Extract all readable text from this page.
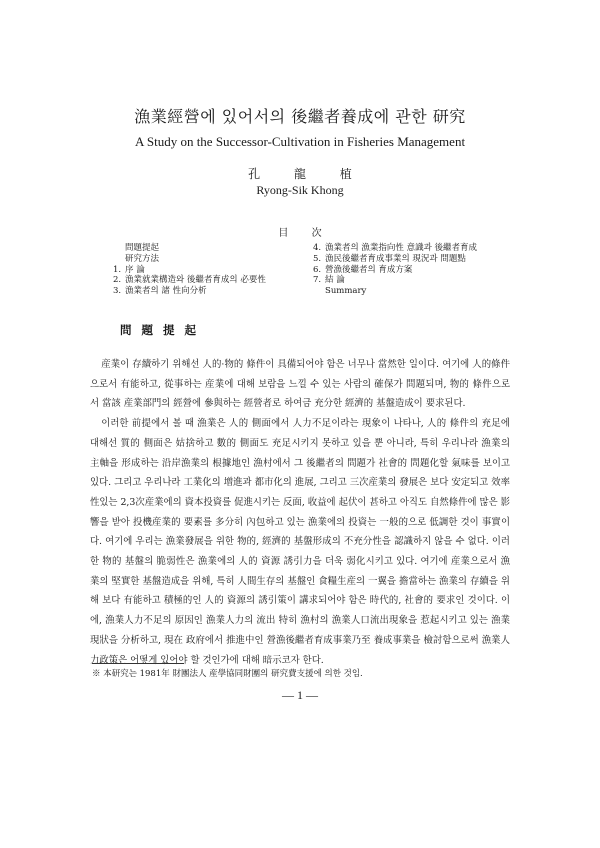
漁業經營에 있어서의 後繼者養成에 관한 研究
A Study on the Successor-Cultivation in Fisheries Management
孔 龍 植
Ryong-Sik Khong
目 次
問題提起
研究方法
1. 序 論
2. 漁業就業構造와 後繼者育成의 必要性
3. 漁業者의 諸 性向分析
4. 漁業者의 漁業指向性 意識과 後繼者育成
5. 漁民後繼者育成事業의 現況과 問題點
6. 營漁後繼者의 育成方案
7. 結 論
Summary
問 題 提 起

産業이 存續하기 위해선 人的·物的 條件이 具備되어야 함은 너무나 當然한 일이다. 여기에 人的條件으로서 有能하고, 從事하는 産業에 대해 보람을 느낄 수 있는 사람의 確保가 問題되며, 物的 條件으로서 當該 産業部門의 經營에 參與하는 經營者로 하여금 充分한 經濟的 基盤造成이 要求된다.

이러한 前提에서 볼 때 漁業은 人的 側面에서 人力不足이라는 現象이 나타나, 人的 條件의 充足에 대해선 質的 側面은 姑捨하고 數的 側面도 充足시키지 못하고 있을 뿐 아니라, 특히 우리나라 漁業의 主軸을 形成하는 沿岸漁業의 根據地인 漁村에서 그 後繼者의 問題가 社會的 問題化할 氣味를 보이고 있다. 그리고 우리나라 工業化의 增進과 都市化의 進展, 그리고 三次産業의 發展은 보다 安定되고 效率性있는 2,3次産業에의 資本投資를 促進시키는 反面, 收益에 起伏이 甚하고 아직도 自然條件에 많은 影響을 받아 投機産業的 要素를 多分히 內包하고 있는 漁業에의 投資는 一般的으로 低調한 것이 事實이다. 여기에 우리는 漁業發展을 위한 物的, 經濟的 基盤形成의 不充分性을 認識하지 않을 수 없다. 이러한 物的 基盤의 脆弱性은 漁業에의 人的 資源 誘引力을 더욱 弱化시키고 있다. 여기에 産業으로서 漁業의 堅實한 基盤造成을 위해, 특히 人間生存의 基盤인 食糧生産의 一翼을 擔當하는 漁業의 存續을 위해 보다 有能하고 積極的인 人的 資源의 誘引策이 講求되어야 함은 時代的, 社會的 要求인 것이다. 이에, 漁業人力不足의 原因인 漁業人力의 流出 特히 漁村의 漁業人口流出現象을 惹起시키고 있는 漁業現狀을 分析하고, 現在 政府에서 推進中인 營漁後繼者育成事業乃至 養成事業을 檢討함으로써 漁業人力政策은 어떻게 있어야 할 것인가에 대해 暗示코자 한다.

※ 本研究는 1981年 財團法人 産學協同財團의 研究費支援에 의한 것임.
— 1 —
